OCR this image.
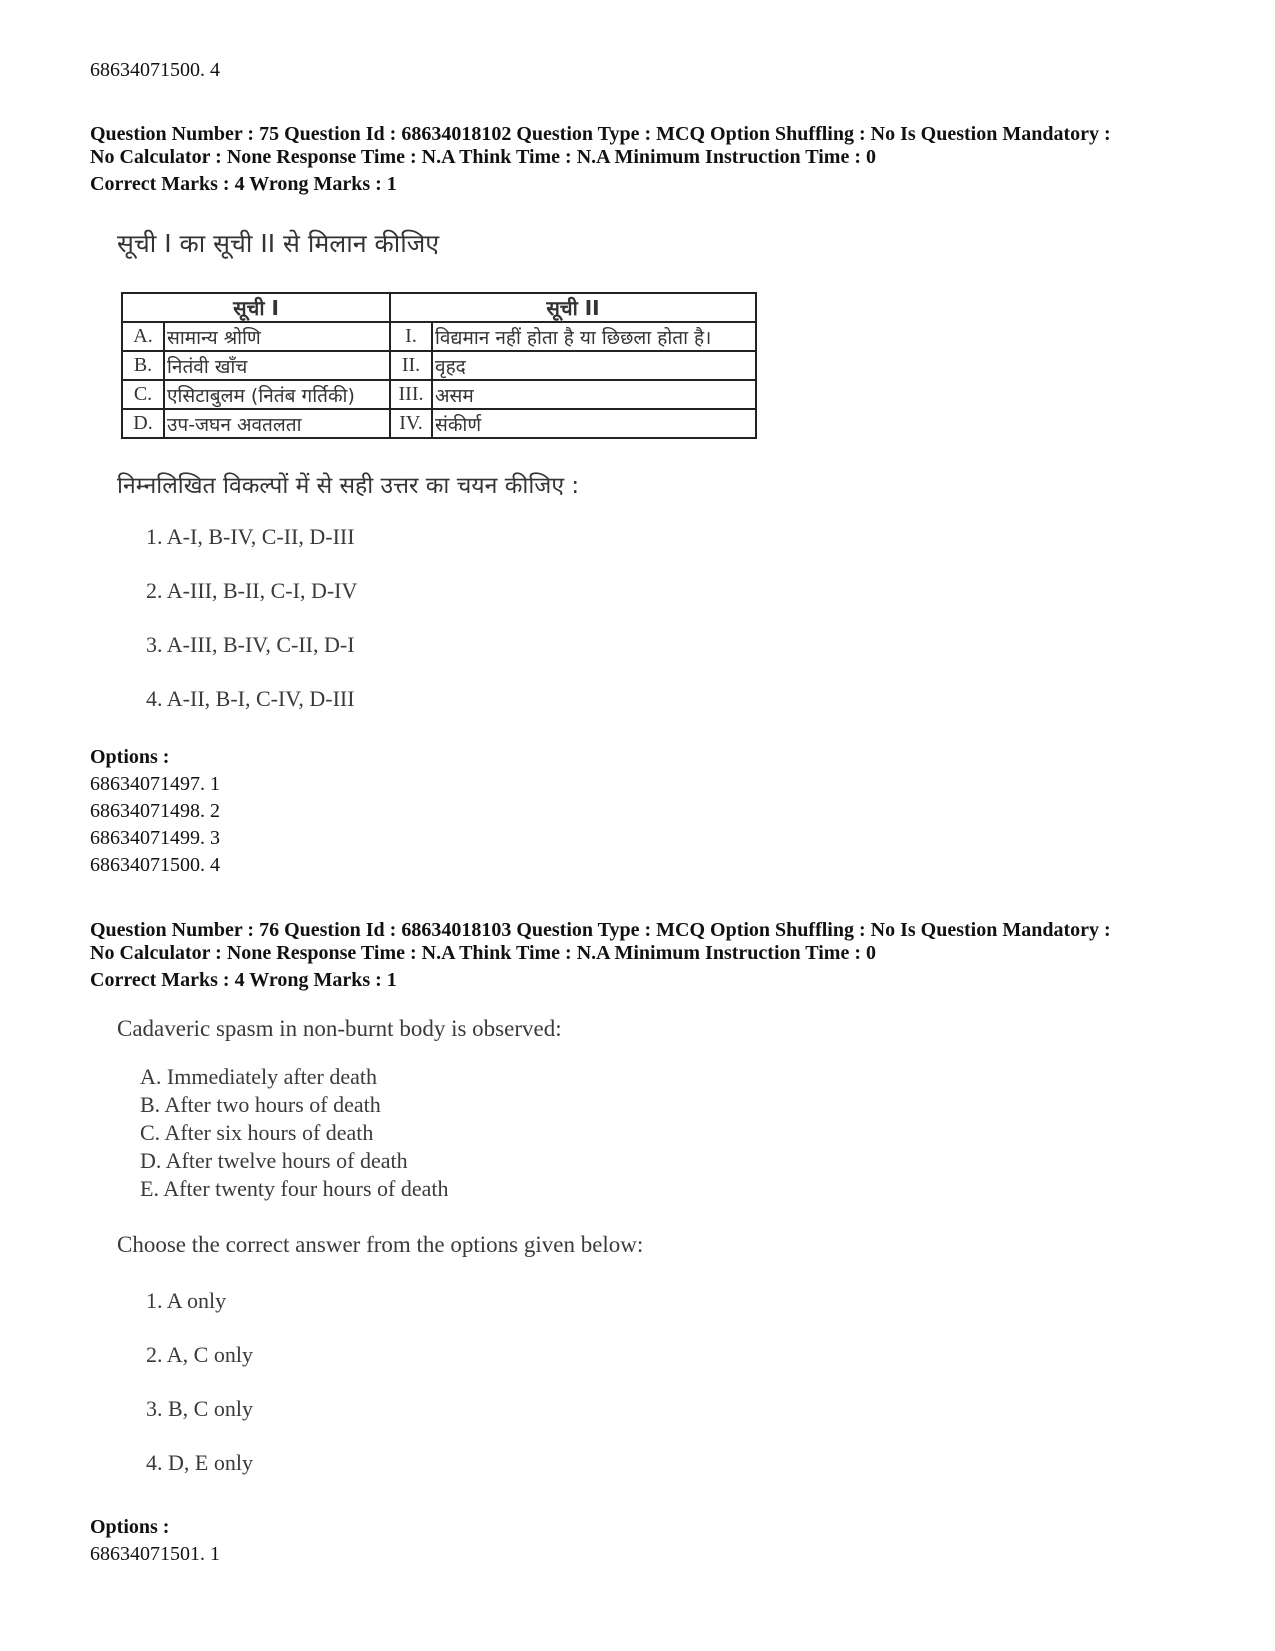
68634071500. 4
Question Number : 75 Question Id : 68634018102 Question Type : MCQ Option Shuffling : No Is Question Mandatory :
No Calculator : None Response Time : N.A Think Time : N.A Minimum Instruction Time : 0
Correct Marks : 4 Wrong Marks : 1
सूची I का सूची II से मिलान कीजिए
सूची I		सूची II	
A.	सामान्य श्रोणि	I.	विद्यमान नहीं होता है या छिछला होता है।
B.	नितंवी खाँच	II.	वृहद
C.	एसिटाबुलम (नितंब गर्तिकी)	III.	असम
D.	उप-जघन अवतलता	IV.	संकीर्ण
निम्नलिखित विकल्पों में से सही उत्तर का चयन कीजिए :
1. A-I, B-IV, C-II, D-III
2. A-III, B-II, C-I, D-IV
3. A-III, B-IV, C-II, D-I
4. A-II, B-I, C-IV, D-III
Options :
68634071497. 1
68634071498. 2
68634071499. 3
68634071500. 4
Question Number : 76 Question Id : 68634018103 Question Type : MCQ Option Shuffling : No Is Question Mandatory :
No Calculator : None Response Time : N.A Think Time : N.A Minimum Instruction Time : 0
Correct Marks : 4 Wrong Marks : 1
Cadaveric spasm in non-burnt body is observed:
A. Immediately after death
B. After two hours of death
C. After six hours of death
D. After twelve hours of death
E. After twenty four hours of death
Choose the correct answer from the options given below:
1. A only
2. A, C only
3. B, C only
4. D, E only
Options :
68634071501. 1
